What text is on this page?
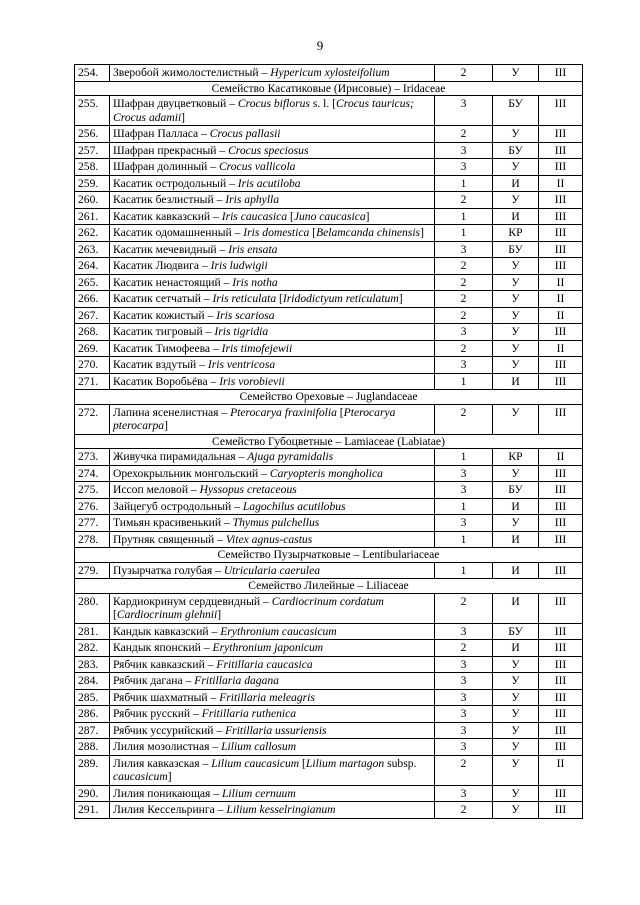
9
254.	Зверобой жимолостелистный – Hypericum xylosteifolium	2	У	III
Семейство Касатиковые (Ирисовые) – Iridaceae				
255.	Шафран двуцветковый – Crocus biflorus s. l. [Crocus tauricus; Crocus adamii]	3	БУ	III
256.	Шафран Палласа – Crocus pallasii	2	У	III
257.	Шафран прекрасный – Crocus speciosus	3	БУ	III
258.	Шафран долинный – Crocus vallicola	3	У	III
259.	Касатик остродольный – Iris acutiloba	1	И	II
260.	Касатик безлистный – Iris aphylla	2	У	III
261.	Касатик кавказский – Iris caucasica [Juno caucasica]	1	И	III
262.	Касатик одомашненный – Iris domestica [Belamcanda chinensis]	1	КР	III
263.	Касатик мечевидный – Iris ensata	3	БУ	III
264.	Касатик Людвига – Iris ludwigii	2	У	III
265.	Касатик ненастоящий – Iris notha	2	У	II
266.	Касатик сетчатый – Iris reticulata [Iridodictyum reticulatum]	2	У	II
267.	Касатик кожистый – Iris scariosa	2	У	II
268.	Касатик тигровый – Iris tigridia	3	У	III
269.	Касатик Тимофеева – Iris timofejewii	2	У	II
270.	Касатик вздутый – Iris ventricosa	3	У	III
271.	Касатик Воробьёва – Iris vorobievii	1	И	III
Семейство Ореховые – Juglandaceae				
272.	Лапина ясенелистная – Pterocarya fraxinifolia [Pterocarya pterocarpa]	2	У	III
Семейство Губоцветные – Lamiaceae (Labiatae)				
273.	Живучка пирамидальная – Ajuga pyramidalis	1	КР	II
274.	Орехокрыльник монгольский – Caryopteris mongholica	3	У	III
275.	Иссоп меловой – Hyssopus cretaceous	3	БУ	III
276.	Зайцегуб остродольный – Lagochilus acutilobus	1	И	III
277.	Тимьян красивенький – Thymus pulchellus	3	У	III
278.	Прутняк священный – Vitex agnus-castus	1	И	III
Семейство Пузырчатковые – Lentibulariaceae				
279.	Пузырчатка голубая – Utricularia caerulea	1	И	III
Семейство Лилейные – Liliaceae				
280.	Кардиокринум сердцевидный – Cardiocrinum cordatum [Cardiocrinum glehnii]	2	И	III
281.	Кандык кавказский – Erythronium caucasicum	3	БУ	III
282.	Кандык японский – Erythronium japonicum	2	И	III
283.	Рябчик кавказский – Fritillaria caucasica	3	У	III
284.	Рябчик дагана – Fritillaria dagana	3	У	III
285.	Рябчик шахматный – Fritillaria meleagris	3	У	III
286.	Рябчик русский – Fritillaria ruthenica	3	У	III
287.	Рябчик уссурийский – Fritillaria ussuriensis	3	У	III
288.	Лилия мозолистная – Lilium callosum	3	У	III
289.	Лилия кавказская – Lilium caucasicum [Lilium martagon subsp. caucasicum]	2	У	II
290.	Лилия поникающая – Lilium cernuum	3	У	III
291.	Лилия Кессельринга – Lilium kesselringianum	2	У	III
